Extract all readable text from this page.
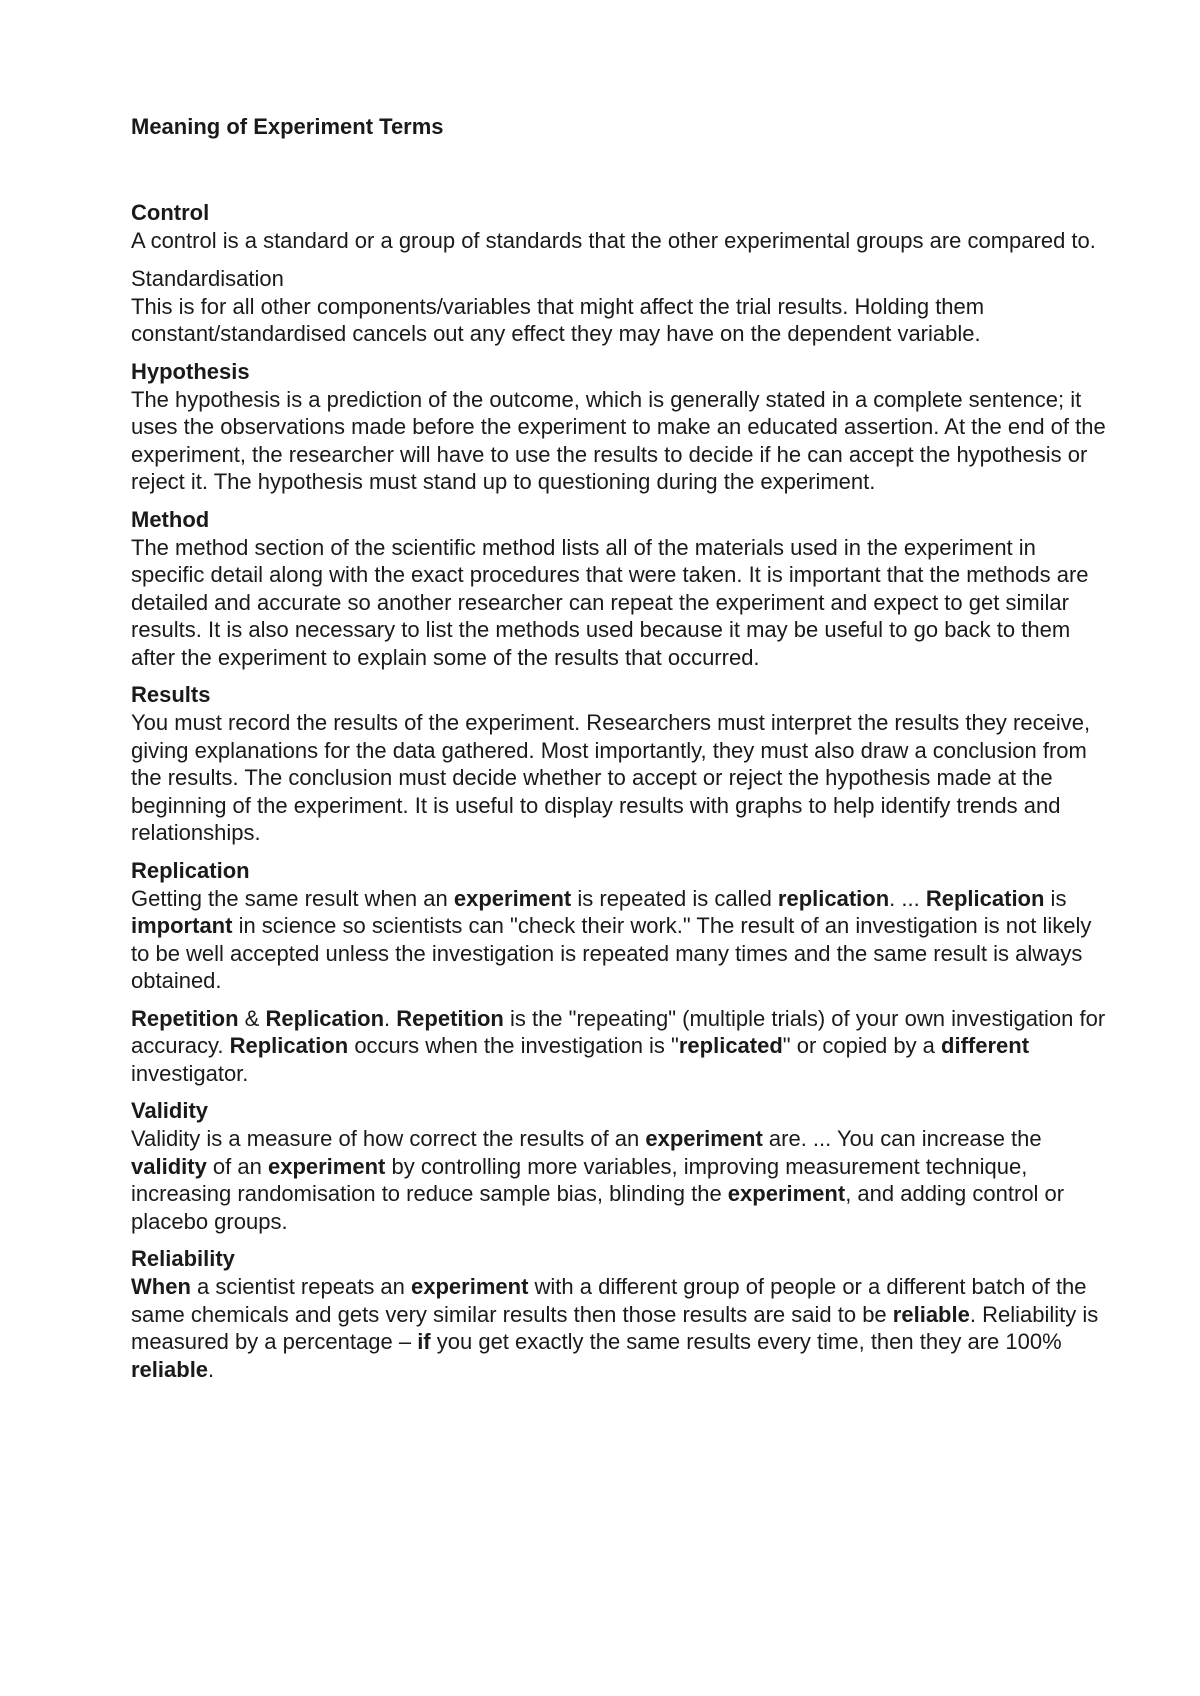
Meaning of Experiment Terms
Control

A control is a standard or a group of standards that the other experimental groups are compared to.

Standardisation

This is for all other components/variables that might affect the trial results. Holding them constant/standardised cancels out any effect they may have on the dependent variable.

Hypothesis

The hypothesis is a prediction of the outcome, which is generally stated in a complete sentence; it uses the observations made before the experiment to make an educated assertion. At the end of the experiment, the researcher will have to use the results to decide if he can accept the hypothesis or reject it. The hypothesis must stand up to questioning during the experiment.

Method

The method section of the scientific method lists all of the materials used in the experiment in specific detail along with the exact procedures that were taken. It is important that the methods are detailed and accurate so another researcher can repeat the experiment and expect to get similar results. It is also necessary to list the methods used because it may be useful to go back to them after the experiment to explain some of the results that occurred.

Results

You must record the results of the experiment. Researchers must interpret the results they receive, giving explanations for the data gathered. Most importantly, they must also draw a conclusion from the results. The conclusion must decide whether to accept or reject the hypothesis made at the beginning of the experiment. It is useful to display results with graphs to help identify trends and relationships.

Replication

Getting the same result when an experiment is repeated is called replication. ... Replication is important in science so scientists can "check their work." The result of an investigation is not likely to be well accepted unless the investigation is repeated many times and the same result is always obtained.

Repetition & Replication. Repetition is the "repeating" (multiple trials) of your own investigation for accuracy. Replication occurs when the investigation is "replicated" or copied by a different investigator.

Validity

Validity is a measure of how correct the results of an experiment are. ... You can increase the validity of an experiment by controlling more variables, improving measurement technique, increasing randomisation to reduce sample bias, blinding the experiment, and adding control or placebo groups.

Reliability

When a scientist repeats an experiment with a different group of people or a different batch of the same chemicals and gets very similar results then those results are said to be reliable. Reliability is measured by a percentage – if you get exactly the same results every time, then they are 100% reliable.
